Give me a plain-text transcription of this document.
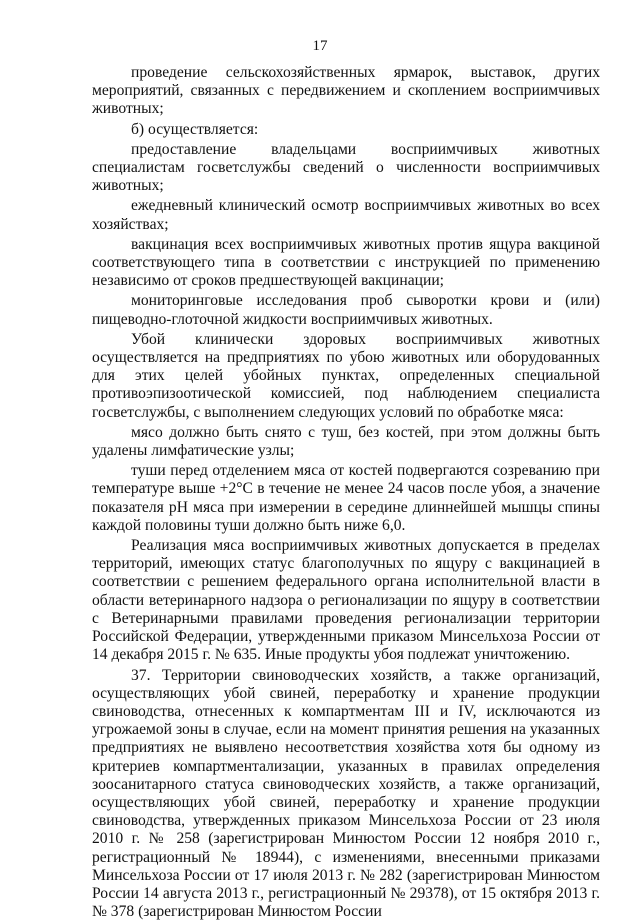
17

проведение сельскохозяйственных ярмарок, выставок, других мероприятий, связанных с передвижением и скоплением восприимчивых животных;

б) осуществляется:

предоставление владельцами восприимчивых животных специалистам госветслужбы сведений о численности восприимчивых животных;

ежедневный клинический осмотр восприимчивых животных во всех хозяйствах;

вакцинация всех восприимчивых животных против ящура вакциной соответствующего типа в соответствии с инструкцией по применению независимо от сроков предшествующей вакцинации;

мониторинговые исследования проб сыворотки крови и (или) пищеводно-глоточной жидкости восприимчивых животных.

Убой клинически здоровых восприимчивых животных осуществляется на предприятиях по убою животных или оборудованных для этих целей убойных пунктах, определенных специальной противоэпизоотической комиссией, под наблюдением специалиста госветслужбы, с выполнением следующих условий по обработке мяса:

мясо должно быть снято с туш, без костей, при этом должны быть удалены лимфатические узлы;

туши перед отделением мяса от костей подвергаются созреванию при температуре выше +2°С в течение не менее 24 часов после убоя, а значение показателя рН мяса при измерении в середине длиннейшей мышцы спины каждой половины туши должно быть ниже 6,0.

Реализация мяса восприимчивых животных допускается в пределах территорий, имеющих статус благополучных по ящуру с вакцинацией в соответствии с решением федерального органа исполнительной власти в области ветеринарного надзора о регионализации по ящуру в соответствии с Ветеринарными правилами проведения регионализации территории Российской Федерации, утвержденными приказом Минсельхоза России от 14 декабря 2015 г. № 635. Иные продукты убоя подлежат уничтожению.

37. Территории свиноводческих хозяйств, а также организаций, осуществляющих убой свиней, переработку и хранение продукции свиноводства, отнесенных к компартментам III и IV, исключаются из угрожаемой зоны в случае, если на момент принятия решения на указанных предприятиях не выявлено несоответствия хозяйства хотя бы одному из критериев компартментализации, указанных в правилах определения зоосанитарного статуса свиноводческих хозяйств, а также организаций, осуществляющих убой свиней, переработку и хранение продукции свиноводства, утвержденных приказом Минсельхоза России от 23 июля 2010 г. № 258 (зарегистрирован Минюстом России 12 ноября 2010 г., регистрационный № 18944), с изменениями, внесенными приказами Минсельхоза России от 17 июля 2013 г. № 282 (зарегистрирован Минюстом России 14 августа 2013 г., регистрационный № 29378), от 15 октября 2013 г. № 378 (зарегистрирован Минюстом России
